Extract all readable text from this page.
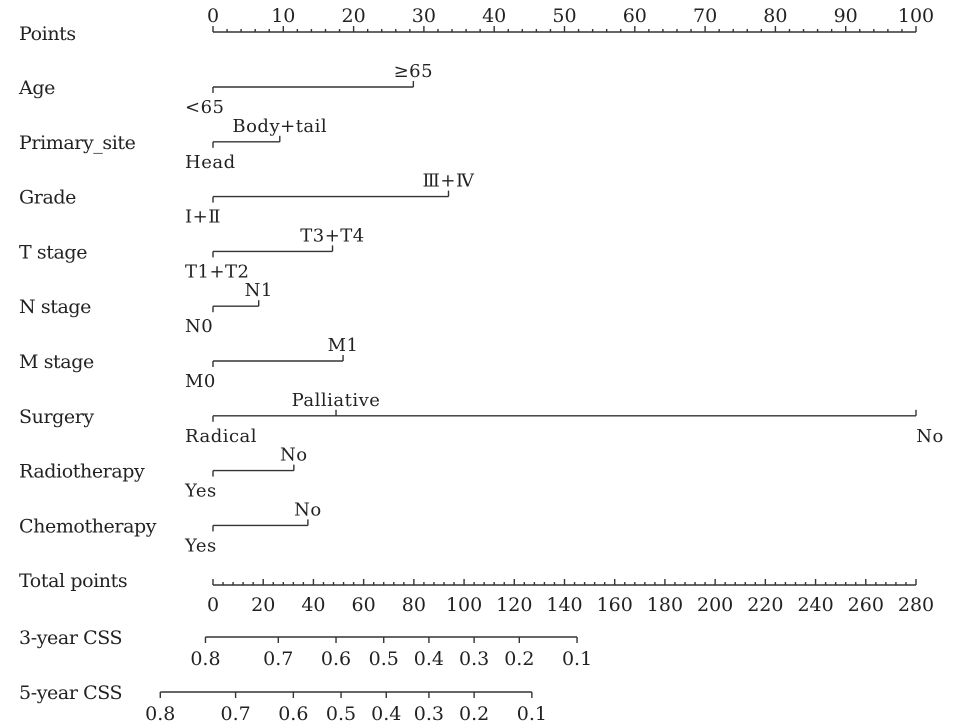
Points
0	10 20 30 40 50 60 70 80 90 100
Age
<65
≥65
Primary_site
Head
Body+tail
Grade
Ⅰ+Ⅱ
Ⅲ+Ⅳ
T stage
T1+T2
T3+T4
N stage
N0
N1
M stage
M0
M1
Surgery
Radical
Palliative
No
Radiotherapy
Yes
No
Chemotherapy
Yes
No
Total points
0 20 40 60 80 100 120 140 160 180 200 220 240 260 280
3-year CSS
0.8 0.7 0.6 0.5 0.4 0.3 0.2 0.1
5-year CSS
0.8 0.7 0.6 0.5 0.4 0.3 0.2 0.1
